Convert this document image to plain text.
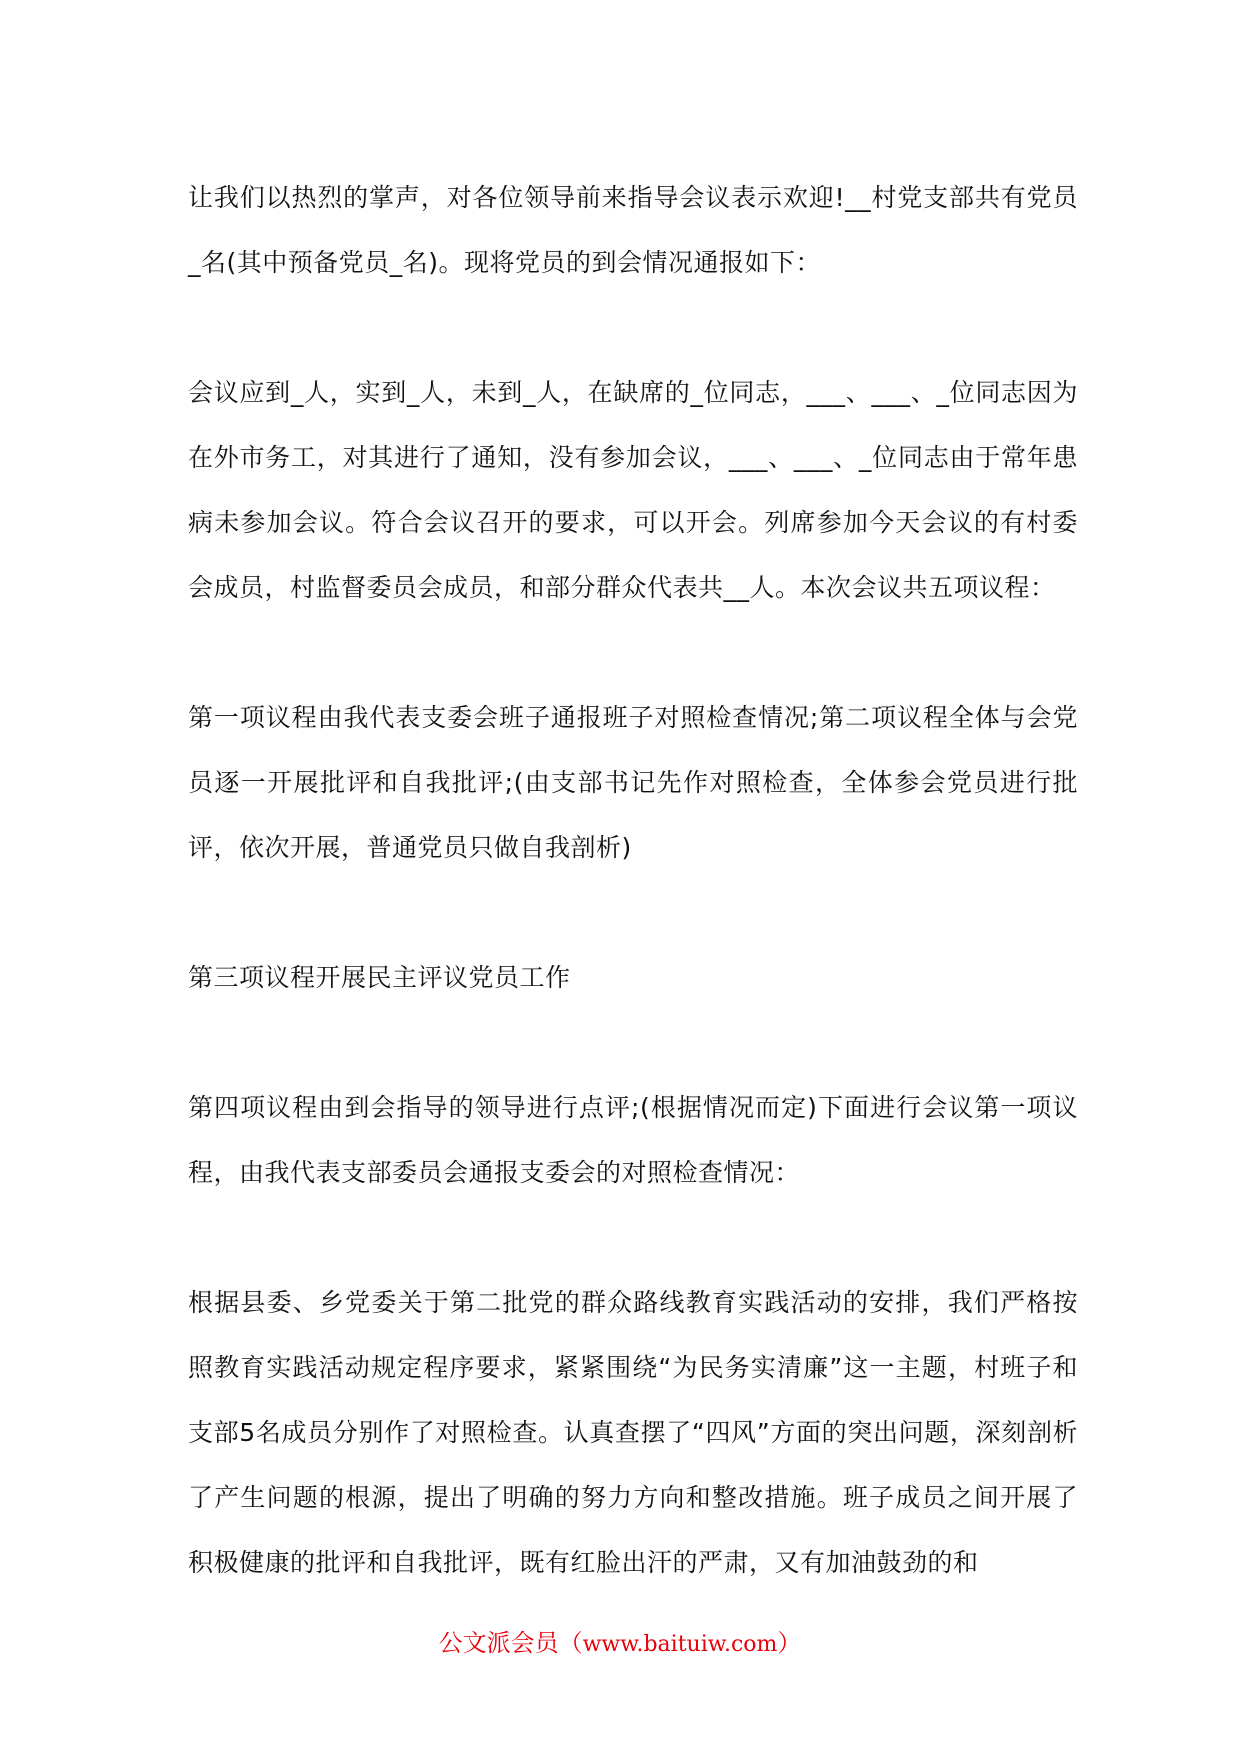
让我们以热烈的掌声，对各位领导前来指导会议表示欢迎!__村党支部共有党员_名(其中预备党员_名)。现将党员的到会情况通报如下：

会议应到_人，实到_人，未到_人，在缺席的_位同志，___、___、_位同志因为在外市务工，对其进行了通知，没有参加会议，___、___、_位同志由于常年患病未参加会议。符合会议召开的要求，可以开会。列席参加今天会议的有村委会成员，村监督委员会成员，和部分群众代表共__人。本次会议共五项议程：

第一项议程由我代表支委会班子通报班子对照检查情况;第二项议程全体与会党员逐一开展批评和自我批评;(由支部书记先作对照检查，全体参会党员进行批评，依次开展，普通党员只做自我剖析)

第三项议程开展民主评议党员工作

第四项议程由到会指导的领导进行点评;(根据情况而定)下面进行会议第一项议程，由我代表支部委员会通报支委会的对照检查情况：

根据县委、乡党委关于第二批党的群众路线教育实践活动的安排，我们严格按照教育实践活动规定程序要求，紧紧围绕“为民务实清廉”这一主题，村班子和支部5名成员分别作了对照检查。认真查摆了“四风”方面的突出问题，深刻剖析了产生问题的根源，提出了明确的努力方向和整改措施。班子成员之间开展了积极健康的批评和自我批评，既有红脸出汗的严肃，又有加油鼓劲的和

公文派会员（www.baituiw.com）
